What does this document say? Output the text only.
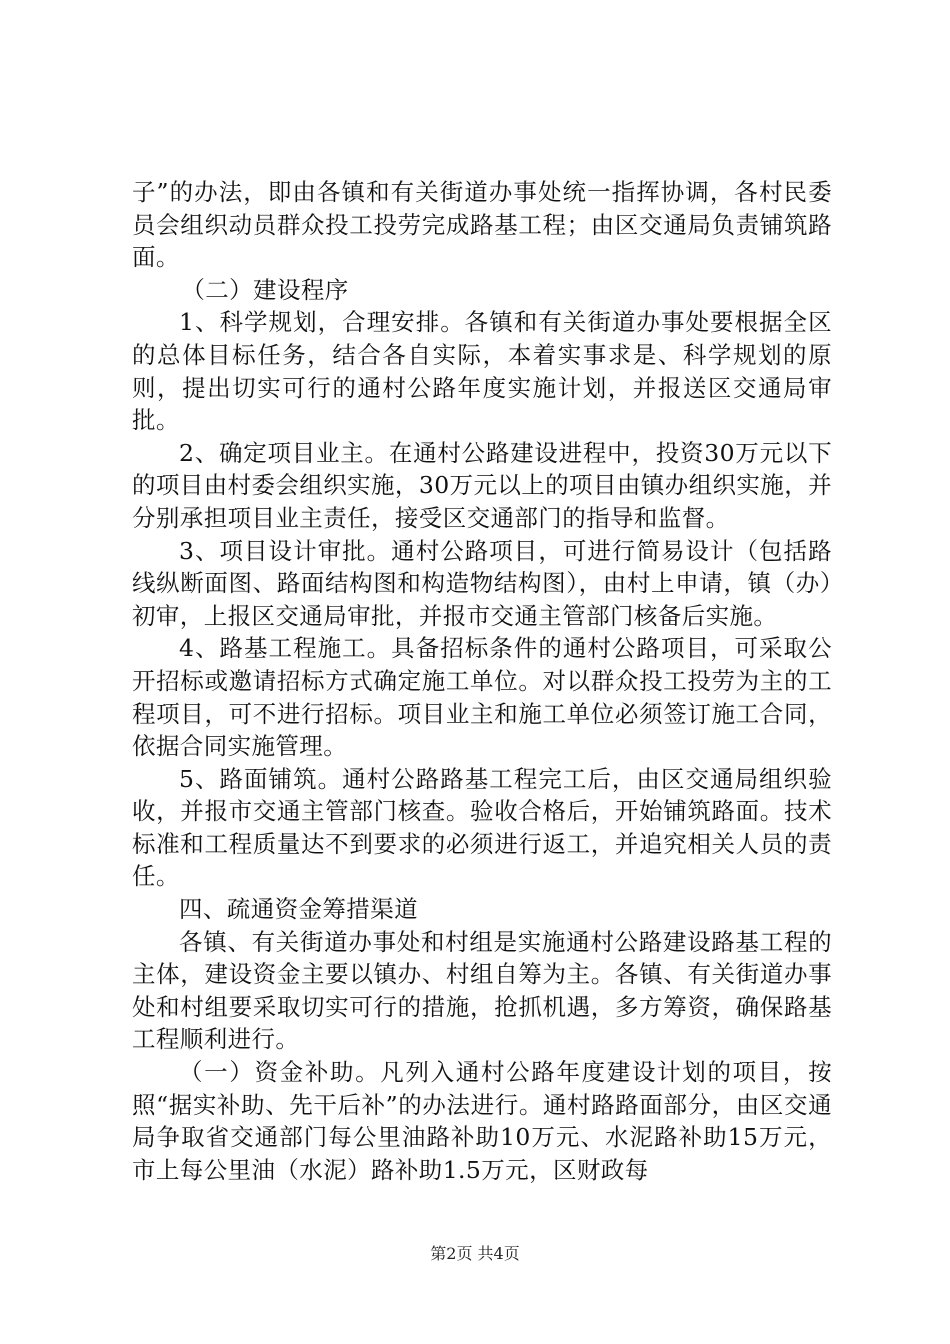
子”的办法，即由各镇和有关街道办事处统一指挥协调，各村民委员会组织动员群众投工投劳完成路基工程；由区交通局负责铺筑路面。

（二）建设程序

1、科学规划，合理安排。各镇和有关街道办事处要根据全区的总体目标任务，结合各自实际，本着实事求是、科学规划的原则，提出切实可行的通村公路年度实施计划，并报送区交通局审批。

2、确定项目业主。在通村公路建设进程中，投资30万元以下的项目由村委会组织实施，30万元以上的项目由镇办组织实施，并分别承担项目业主责任，接受区交通部门的指导和监督。

3、项目设计审批。通村公路项目，可进行简易设计（包括路线纵断面图、路面结构图和构造物结构图），由村上申请，镇（办）初审，上报区交通局审批，并报市交通主管部门核备后实施。

4、路基工程施工。具备招标条件的通村公路项目，可采取公开招标或邀请招标方式确定施工单位。对以群众投工投劳为主的工程项目，可不进行招标。项目业主和施工单位必须签订施工合同，依据合同实施管理。

5、路面铺筑。通村公路路基工程完工后，由区交通局组织验收，并报市交通主管部门核查。验收合格后，开始铺筑路面。技术标准和工程质量达不到要求的必须进行返工，并追究相关人员的责任。

四、疏通资金筹措渠道

各镇、有关街道办事处和村组是实施通村公路建设路基工程的主体，建设资金主要以镇办、村组自筹为主。各镇、有关街道办事处和村组要采取切实可行的措施，抢抓机遇，多方筹资，确保路基工程顺利进行。

（一）资金补助。凡列入通村公路年度建设计划的项目，按照“据实补助、先干后补”的办法进行。通村路路面部分，由区交通局争取省交通部门每公里油路补助10万元、水泥路补助15万元，市上每公里油（水泥）路补助1.5万元，区财政每

第2页 共4页
